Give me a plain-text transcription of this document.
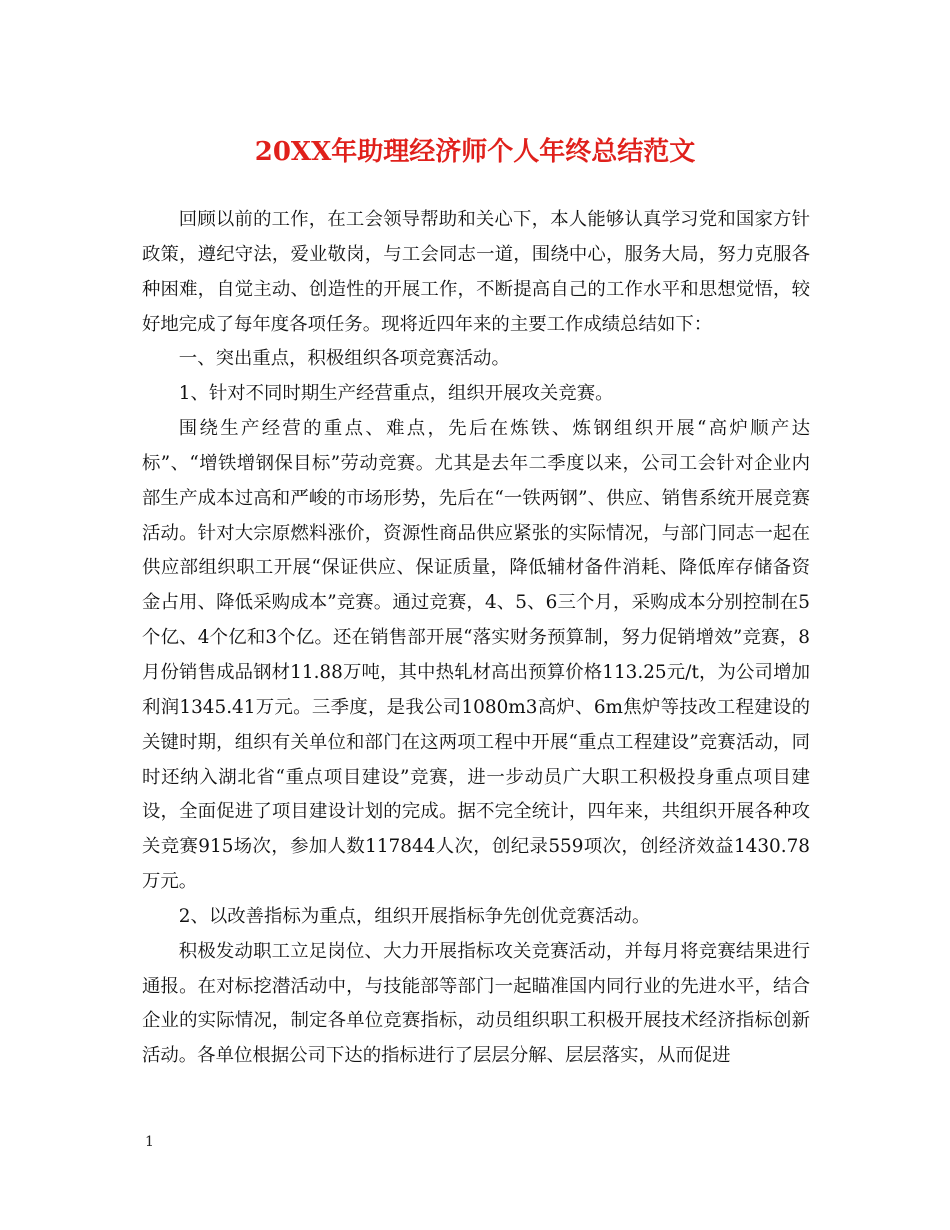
20XX年助理经济师个人年终总结范文

回顾以前的工作，在工会领导帮助和关心下，本人能够认真学习党和国家方针政策，遵纪守法，爱业敬岗，与工会同志一道，围绕中心，服务大局，努力克服各种困难，自觉主动、创造性的开展工作，不断提高自己的工作水平和思想觉悟，较好地完成了每年度各项任务。现将近四年来的主要工作成绩总结如下：

一、突出重点，积极组织各项竞赛活动。

1、针对不同时期生产经营重点，组织开展攻关竞赛。

围绕生产经营的重点、难点，先后在炼铁、炼钢组织开展“高炉顺产达标”、“增铁增钢保目标”劳动竞赛。尤其是去年二季度以来，公司工会针对企业内部生产成本过高和严峻的市场形势，先后在“一铁两钢”、供应、销售系统开展竞赛活动。针对大宗原燃料涨价，资源性商品供应紧张的实际情况，与部门同志一起在供应部组织职工开展“保证供应、保证质量，降低辅材备件消耗、降低库存储备资金占用、降低采购成本”竞赛。通过竞赛，4、5、6三个月，采购成本分别控制在5个亿、4个亿和3个亿。还在销售部开展“落实财务预算制，努力促销增效”竞赛，8月份销售成品钢材11.88万吨，其中热轧材高出预算价格113.25元/t，为公司增加利润1345.41万元。三季度，是我公司1080m3高炉、6m焦炉等技改工程建设的关键时期，组织有关单位和部门在这两项工程中开展“重点工程建设”竞赛活动，同时还纳入湖北省“重点项目建设”竞赛，进一步动员广大职工积极投身重点项目建设，全面促进了项目建设计划的完成。据不完全统计，四年来，共组织开展各种攻关竞赛915场次，参加人数117844人次，创纪录559项次，创经济效益1430.78万元。

2、以改善指标为重点，组织开展指标争先创优竞赛活动。

积极发动职工立足岗位、大力开展指标攻关竞赛活动，并每月将竞赛结果进行通报。在对标挖潜活动中，与技能部等部门一起瞄准国内同行业的先进水平，结合企业的实际情况，制定各单位竞赛指标，动员组织职工积极开展技术经济指标创新活动。各单位根据公司下达的指标进行了层层分解、层层落实，从而促进

1
